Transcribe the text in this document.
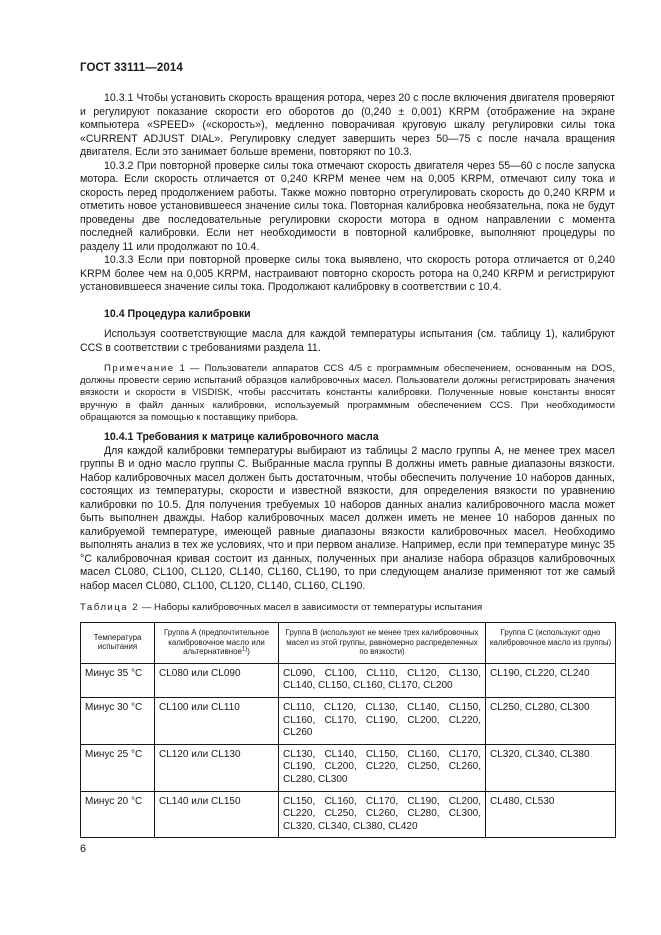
ГОСТ 33111—2014

10.3.1 Чтобы установить скорость вращения ротора, через 20 с после включения двигателя проверяют и регулируют показание скорости его оборотов до (0,240 ± 0,001) KRPM (отображение на экране компьютера «SPEED» («скорость»), медленно поворачивая круговую шкалу регулировки силы тока «CURRENT ADJUST DIAL». Регулировку следует завершить через 50—75 с после начала вращения двигателя. Если это занимает больше времени, повторяют по 10.3.

10.3.2 При повторной проверке силы тока отмечают скорость двигателя через 55—60 с после запуска мотора. Если скорость отличается от 0,240 KRPM менее чем на 0,005 KRPM, отмечают силу тока и скорость перед продолжением работы. Также можно повторно отрегулировать скорость до 0,240 KRPM и отметить новое установившееся значение силы тока. Повторная калибровка необязательна, пока не будут проведены две последовательные регулировки скорости мотора в одном направлении с момента последней калибровки. Если нет необходимости в повторной калибровке, выполняют процедуры по разделу 11 или продолжают по 10.4.

10.3.3 Если при повторной проверке силы тока выявлено, что скорость ротора отличается от 0,240 KRPM более чем на 0,005 KRPM, настраивают повторно скорость ротора на 0,240 KRPM и регистрируют установившееся значение силы тока. Продолжают калибровку в соответствии с 10.4.

10.4 Процедура калибровки

Используя соответствующие масла для каждой температуры испытания (см. таблицу 1), калибруют CCS в соответствии с требованиями раздела 11.

Примечание 1 — Пользователи аппаратов CCS 4/5 с программным обеспечением, основанным на DOS, должны провести серию испытаний образцов калибровочных масел. Пользователи должны регистрировать значения вязкости и скорости в VISDISK, чтобы рассчитать константы калибровки. Полученные новые константы вносят вручную в файл данных калибровки, используемый программным обеспечением CCS. При необходимости обращаются за помощью к поставщику прибора.
10.4.1 Требования к матрице калибровочного масла

Для каждой калибровки температуры выбирают из таблицы 2 масло группы А, не менее трех масел группы В и одно масло группы С. Выбранные масла группы В должны иметь равные диапазоны вязкости. Набор калибровочных масел должен быть достаточным, чтобы обеспечить получение 10 наборов данных, состоящих из температуры, скорости и известной вязкости, для определения вязкости по уравнению калибровки по 10.5. Для получения требуемых 10 наборов данных анализ калибровочного масла может быть выполнен дважды. Набор калибровочных масел должен иметь не менее 10 наборов данных по калибруемой температуре, имеющей равные диапазоны вязкости калибровочных масел. Необходимо выполнять анализ в тех же условиях, что и при первом анализе. Например, если при температуре минус 35 °С калибровочная кривая состоит из данных, полученных при анализе набора образцов калибровочных масел CL080, CL100, CL120, CL140, CL160, CL190, то при следующем анализе применяют тот же самый набор масел CL080, CL100, CL120, CL140, CL160, CL190.

Таблица 2 — Наборы калибровочных масел в зависимости от температуры испытания
Температура испытания	Группа А (предпочтительное калибровочное масло или альтернативное$^{1)}$)	Группа В (используют не менее трех калибровочных масел из этой группы, равномерно распределенных по вязкости)	Группа С (используют одно калибровочное масло из группы)
Минус 35 °С	CL080 или CL090	CL090, CL100, CL110, CL120, CL130, CL140, CL150, CL160, CL170, CL200	CL190, CL220, CL240
Минус 30 °С	CL100 или CL110	CL110, CL120, CL130, CL140, CL150, CL160, CL170, CL190, CL200, CL220, CL260	CL250, CL280, CL300
Минус 25 °С	CL120 или CL130	CL130, CL140, CL150, CL160, CL170, CL190, CL200, CL220, CL250, CL260, CL280, CL300	CL320, CL340, CL380
Минус 20 °С	CL140 или CL150	CL150, CL160, CL170, CL190, CL200, CL220, CL250, CL260, CL280, CL300, CL320, CL340, CL380, CL420	CL480, CL530
6
